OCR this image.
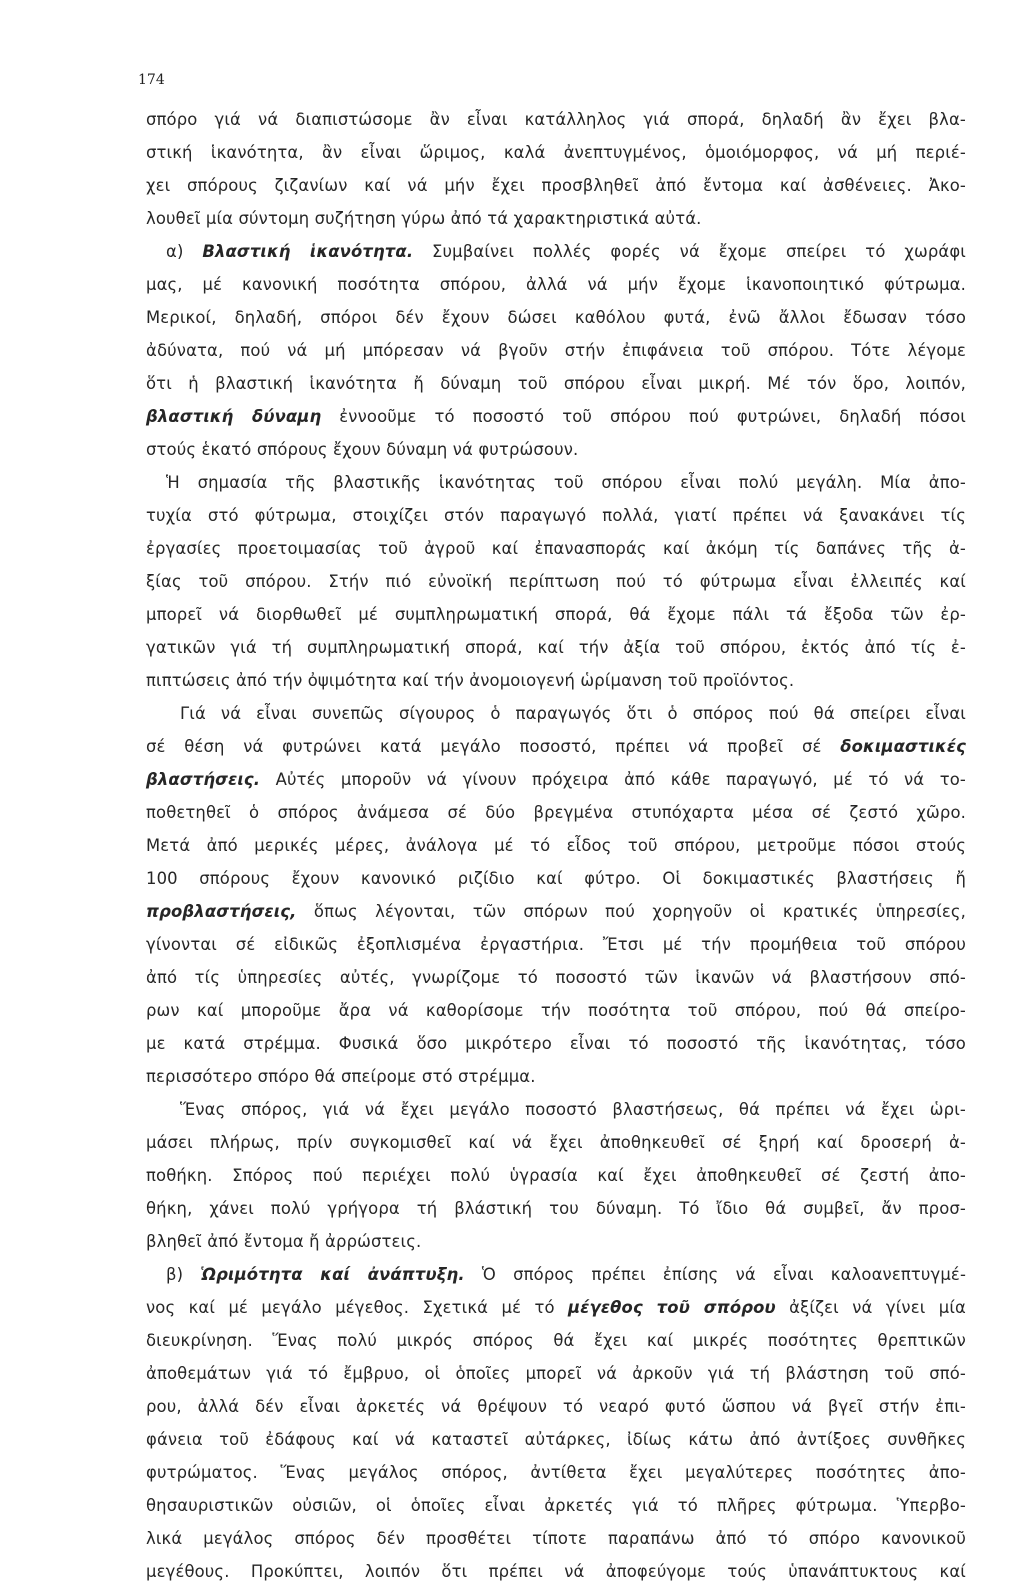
174
σπόρο γιά νά διαπιστώσομε ἂν εἶναι κατάλληλος γιά σπορά, δηλαδή ἂν ἔχει βλα-
στική ἱκανότητα, ἂν εἶναι ὥριμος, καλά ἀνεπτυγμένος, ὁμοιόμορφος, νά μή περιέ-
χει σπόρους ζιζανίων καί νά μήν ἔχει προσβληθεῖ ἀπό ἔντομα καί ἀσθένειες. Ἀκο-
λουθεῖ μία σύντομη συζήτηση γύρω ἀπό τά χαρακτηριστικά αὐτά.
α) Βλαστική ἱκανότητα. Συμβαίνει πολλές φορές νά ἔχομε σπείρει τό χωράφι
μας, μέ κανονική ποσότητα σπόρου, ἀλλά νά μήν ἔχομε ἱκανοποιητικό φύτρωμα.
Μερικοί, δηλαδή, σπόροι δέν ἔχουν δώσει καθόλου φυτά, ἐνῶ ἄλλοι ἔδωσαν τόσο
ἀδύνατα, πού νά μή μπόρεσαν νά βγοῦν στήν ἐπιφάνεια τοῦ σπόρου. Τότε λέγομε
ὅτι ἡ βλαστική ἱκανότητα ἤ δύναμη τοῦ σπόρου εἶναι μικρή. Μέ τόν ὅρο, λοιπόν,
βλαστική δύναμη ἐννοοῦμε τό ποσοστό τοῦ σπόρου πού φυτρώνει, δηλαδή πόσοι
στούς ἑκατό σπόρους ἔχουν δύναμη νά φυτρώσουν.
Ἡ σημασία τῆς βλαστικῆς ἱκανότητας τοῦ σπόρου εἶναι πολύ μεγάλη. Μία ἀπο-
τυχία στό φύτρωμα, στοιχίζει στόν παραγωγό πολλά, γιατί πρέπει νά ξανακάνει τίς
ἐργασίες προετοιμασίας τοῦ ἀγροῦ καί ἐπανασποράς καί ἀκόμη τίς δαπάνες τῆς ἀ-
ξίας τοῦ σπόρου. Στήν πιό εὐνοϊκή περίπτωση πού τό φύτρωμα εἶναι ἐλλειπές καί
μπορεῖ νά διορθωθεῖ μέ συμπληρωματική σπορά, θά ἔχομε πάλι τά ἔξοδα τῶν ἐρ-
γατικῶν γιά τή συμπληρωματική σπορά, καί τήν ἀξία τοῦ σπόρου, ἐκτός ἀπό τίς ἐ-
πιπτώσεις ἀπό τήν ὀψιμότητα καί τήν ἀνομοιογενή ὡρίμανση τοῦ προϊόντος.
Γιά νά εἶναι συνεπῶς σίγουρος ὁ παραγωγός ὅτι ὁ σπόρος πού θά σπείρει εἶναι
σέ θέση νά φυτρώνει κατά μεγάλο ποσοστό, πρέπει νά προβεῖ σέ δοκιμαστικές
βλαστήσεις. Αὐτές μποροῦν νά γίνουν πρόχειρα ἀπό κάθε παραγωγό, μέ τό νά το-
ποθετηθεῖ ὁ σπόρος ἀνάμεσα σέ δύο βρεγμένα στυπόχαρτα μέσα σέ ζεστό χῶρο.
Μετά ἀπό μερικές μέρες, ἀνάλογα μέ τό εἶδος τοῦ σπόρου, μετροῦμε πόσοι στούς
100 σπόρους ἔχουν κανονικό ριζίδιο καί φύτρο. Οἱ δοκιμαστικές βλαστήσεις ἤ
προβλαστήσεις, ὅπως λέγονται, τῶν σπόρων πού χορηγοῦν οἱ κρατικές ὑπηρεσίες,
γίνονται σέ εἰδικῶς ἐξοπλισμένα ἐργαστήρια. Ἔτσι μέ τήν προμήθεια τοῦ σπόρου
ἀπό τίς ὑπηρεσίες αὐτές, γνωρίζομε τό ποσοστό τῶν ἱκανῶν νά βλαστήσουν σπό-
ρων καί μποροῦμε ἄρα νά καθορίσομε τήν ποσότητα τοῦ σπόρου, πού θά σπείρο-
με κατά στρέμμα. Φυσικά ὅσο μικρότερο εἶναι τό ποσοστό τῆς ἱκανότητας, τόσο
περισσότερο σπόρο θά σπείρομε στό στρέμμα.
Ἕνας σπόρος, γιά νά ἔχει μεγάλο ποσοστό βλαστήσεως, θά πρέπει νά ἔχει ὡρι-
μάσει πλήρως, πρίν συγκομισθεῖ καί νά ἔχει ἀποθηκευθεῖ σέ ξηρή καί δροσερή ἀ-
ποθήκη. Σπόρος πού περιέχει πολύ ὑγρασία καί ἔχει ἀποθηκευθεῖ σέ ζεστή ἀπο-
θήκη, χάνει πολύ γρήγορα τή βλάστική του δύναμη. Τό ἴδιο θά συμβεῖ, ἄν προσ-
βληθεῖ ἀπό ἔντομα ἤ ἀρρώστεις.
β) Ὡριμότητα καί ἀνάπτυξη. Ὁ σπόρος πρέπει ἐπίσης νά εἶναι καλοανεπτυγμέ-
νος καί μέ μεγάλο μέγεθος. Σχετικά μέ τό μέγεθος τοῦ σπόρου ἀξίζει νά γίνει μία
διευκρίνηση. Ἕνας πολύ μικρός σπόρος θά ἔχει καί μικρές ποσότητες θρεπτικῶν
ἀποθεμάτων γιά τό ἔμβρυο, οἱ ὁποῖες μπορεῖ νά ἀρκοῦν γιά τή βλάστηση τοῦ σπό-
ρου, ἀλλά δέν εἶναι ἀρκετές νά θρέψουν τό νεαρό φυτό ὥσπου νά βγεῖ στήν ἐπι-
φάνεια τοῦ ἐδάφους καί νά καταστεῖ αὐτάρκες, ἰδίως κάτω ἀπό ἀντίξοες συνθῆκες
φυτρώματος. Ἕνας μεγάλος σπόρος, ἀντίθετα ἔχει μεγαλύτερες ποσότητες ἀπο-
θησαυριστικῶν οὐσιῶν, οἱ ὁποῖες εἶναι ἀρκετές γιά τό πλῆρες φύτρωμα. Ὑπερβο-
λικά μεγάλος σπόρος δέν προσθέτει τίποτε παραπάνω ἀπό τό σπόρο κανονικοῦ
μεγέθους. Προκύπτει, λοιπόν ὅτι πρέπει νά ἀποφεύγομε τούς ὑπανάπτυκτους καί
